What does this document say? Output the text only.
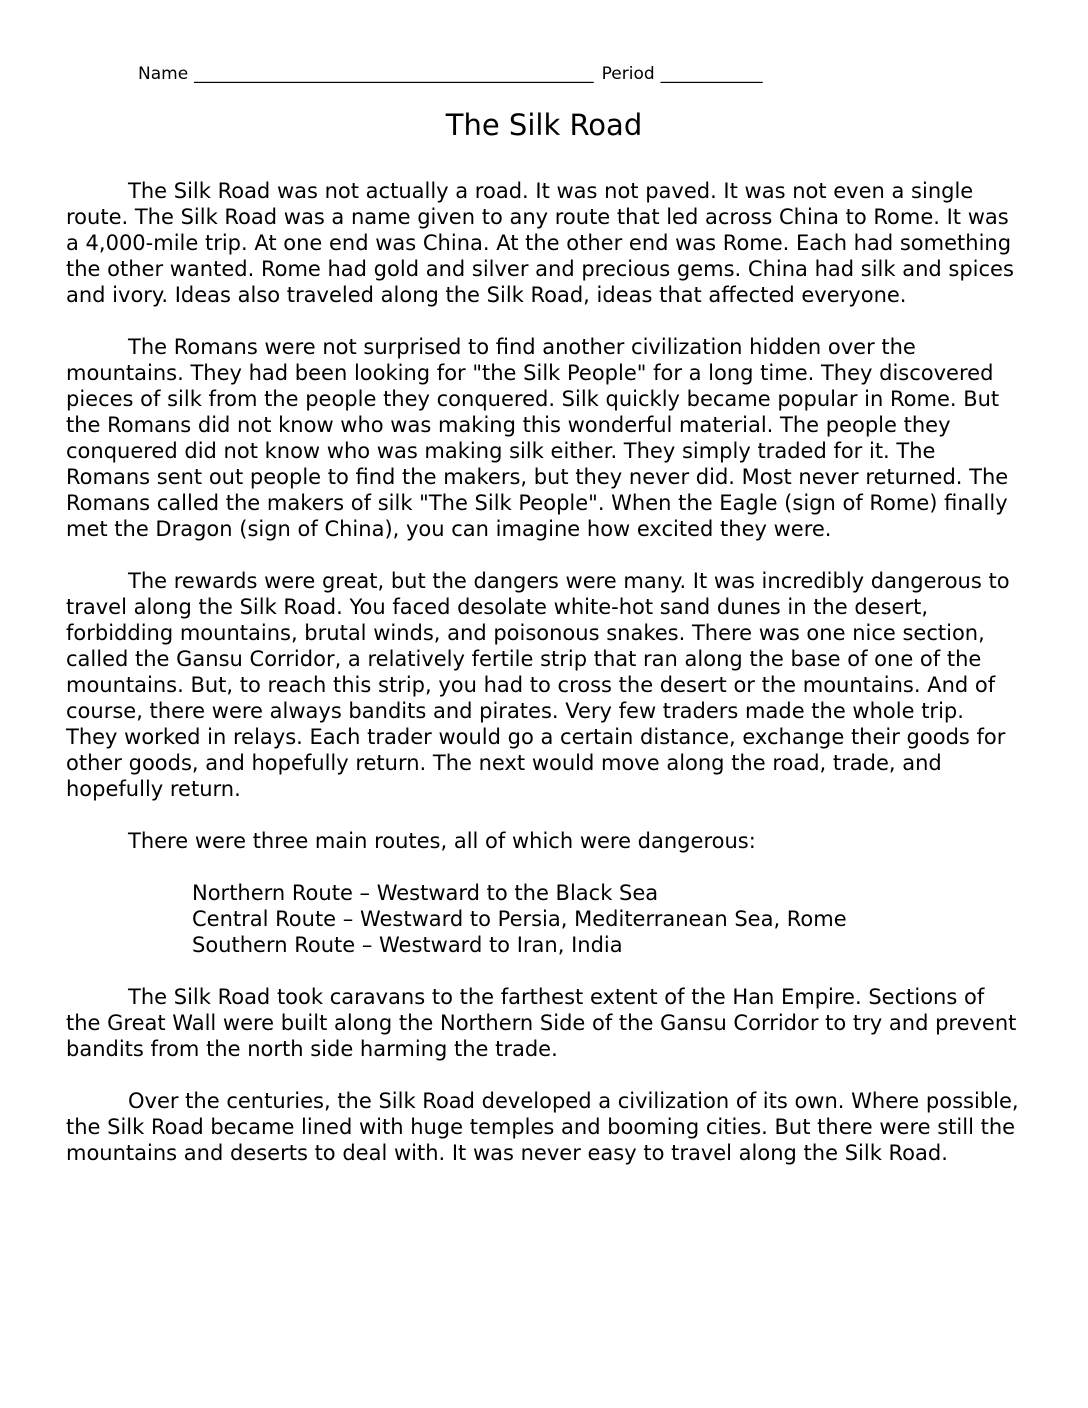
Name _______________________________________________ Period ____________
The Silk Road

The Silk Road was not actually a road. It was not paved. It was not even a single route. The Silk Road was a name given to any route that led across China to Rome. It was a 4,000-mile trip. At one end was China. At the other end was Rome. Each had something the other wanted. Rome had gold and silver and precious gems. China had silk and spices and ivory. Ideas also traveled along the Silk Road, ideas that affected everyone.

The Romans were not surprised to find another civilization hidden over the mountains. They had been looking for "the Silk People" for a long time. They discovered pieces of silk from the people they conquered. Silk quickly became popular in Rome. But the Romans did not know who was making this wonderful material. The people they conquered did not know who was making silk either. They simply traded for it. The Romans sent out people to find the makers, but they never did. Most never returned. The Romans called the makers of silk "The Silk People". When the Eagle (sign of Rome) finally met the Dragon (sign of China), you can imagine how excited they were.

The rewards were great, but the dangers were many. It was incredibly dangerous to travel along the Silk Road. You faced desolate white-hot sand dunes in the desert, forbidding mountains, brutal winds, and poisonous snakes. There was one nice section, called the Gansu Corridor, a relatively fertile strip that ran along the base of one of the mountains. But, to reach this strip, you had to cross the desert or the mountains. And of course, there were always bandits and pirates. Very few traders made the whole trip. They worked in relays. Each trader would go a certain distance, exchange their goods for other goods, and hopefully return. The next would move along the road, trade, and hopefully return.

There were three main routes, all of which were dangerous:

Northern Route – Westward to the Black Sea

Central Route – Westward to Persia, Mediterranean Sea, Rome

Southern Route – Westward to Iran, India

The Silk Road took caravans to the farthest extent of the Han Empire. Sections of the Great Wall were built along the Northern Side of the Gansu Corridor to try and prevent bandits from the north side harming the trade.

Over the centuries, the Silk Road developed a civilization of its own. Where possible, the Silk Road became lined with huge temples and booming cities. But there were still the mountains and deserts to deal with. It was never easy to travel along the Silk Road.
